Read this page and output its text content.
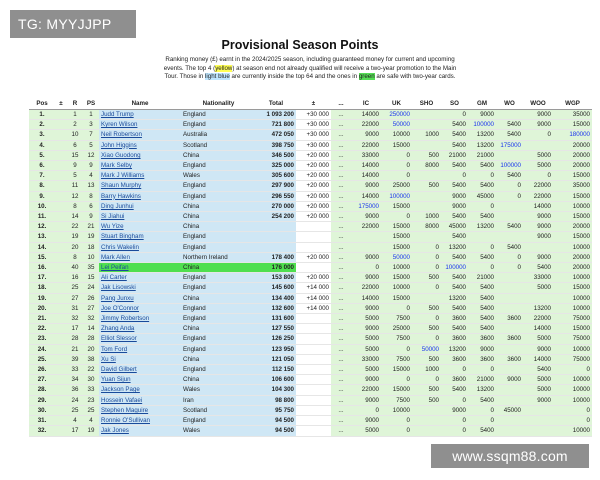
TG: MYYJJPP
Provisional Season Points
Ranking money (£) earnt in the 2024/2025 season, including guaranteed money for current and upcoming events. The top 4 (yellow) at season end not already qualified will receive a two-year promotion to the Main Tour. Those in light blue are currently inside the top 64 and the ones in green are safe with two-year cards.
Pos	±	R	PS	Name	Nationality	Total	±	...	IC	UK	SHO	SO	GM	WO	WOO	WGP
1.		1	1	Judd Trump	England	1 093 200	+30 000	...	14000	250000		0	9000		9000	35000
2.		2	3	Kyren Wilson	England	721 800	+30 000	...	22000	50000		5400	100000	5400	9000	15000
3.		10	7	Neil Robertson	Australia	472 050	+30 000	...	9000	10000	1000	5400	13200	5400	0	180000
4.		6	5	John Higgins	Scotland	398 750	+30 000	...	22000	15000		5400	13200	175000		20000
5.		15	12	Xiao Guodong	China	346 500	+20 000	...	33000	0	500	21000	21000		5000	20000
6.		9	9	Mark Selby	England	325 000	+20 000	...	14000	0	8000	5400	5400	100000	5000	20000
7.		5	4	Mark J Williams	Wales	305 600	+20 000	...	14000	0		0	0	5400	0	15000
8.		11	13	Shaun Murphy	England	297 900	+20 000	...	9000	25000	500	5400	5400	0	22000	35000
9.		12	8	Barry Hawkins	England	296 550	+20 000	...	14000	100000		9000	45000	0	22000	15000
10.		8	6	Ding Junhui	China	270 000	+20 000	...	175000	15000		9000	0		14000	10000
11.		14	9	Si Jiahui	China	254 200	+20 000	...	9000	0	1000	5400	5400		9000	15000
12.		22	21	Wu Yize	China			...	22000	15000	8000	45000	13200	5400	9000	20000
13.		19	19	Stuart Bingham	England			...		15000		5400			9000	15000
14.		20	18	Chris Wakelin	England			...		15000	0	13200	0	5400		10000
15.		8	10	Mark Allen	Northern Ireland	178 400	+20 000	...	9000	50000	0	5400	5400	0	9000	20000
16.		40	35	Lei Peifan	China	176 000		...	0	10000	0	100000	0	0	5400	20000
17.		16	15	Ali Carter	England	153 800	+20 000	...	9000	15000	500	5400	21000		33000	10000
18.		25	24	Jak Lisowski	England	145 600	+14 000	...	22000	10000	0	5400	5400		5000	15000
19.		27	26	Pang Junxu	China	134 400	+14 000	...	14000	15000		13200	5400			10000
20.		31	27	Joe O'Connor	England	132 600	+14 000	...	9000	0	500	5400	5400		13200	10000
21.		32	32	Jimmy Robertson	England	131 600		...	5000	7500	0	3600	5400	3600	22000	75000
22.		17	14	Zhang Anda	China	127 550		...	9000	25000	500	5400	5400		14000	15000
23.		28	28	Elliot Slessor	England	126 250		...	5000	7500	0	3600	3600	3600	5000	75000
24.		21	20	Tom Ford	England	123 950		...	5000	0	50000	13200	9000		9000	10000
25.		39	38	Xu Si	China	121 050		...	33000	7500	500	3600	3600	3600	14000	75000
26.		33	22	David Gilbert	England	112 150		...	5000	15000	1000	0	0		5400	0
27.		34	30	Yuan Sijun	China	106 600		...	9000	0	0	3600	21000	9000	5000	10000
28.		36	33	Jackson Page	Wales	104 300		...	22000	15000	500	5400	13200		5000	10000
29.		24	23	Hossein Vafaei	Iran	98 800		...	9000	7500	500	0	5400		9000	10000
30.		25	25	Stephen Maguire	Scotland	95 750		...	0	10000		9000	0	45000		0
31.		4	4	Ronnie O'Sullivan	England	94 500		...	9000	0		0	0			0
32.		17	19	Jak Jones	Wales	94 500		...	5000	0		0	5400			10000
www.ssqm88.com
